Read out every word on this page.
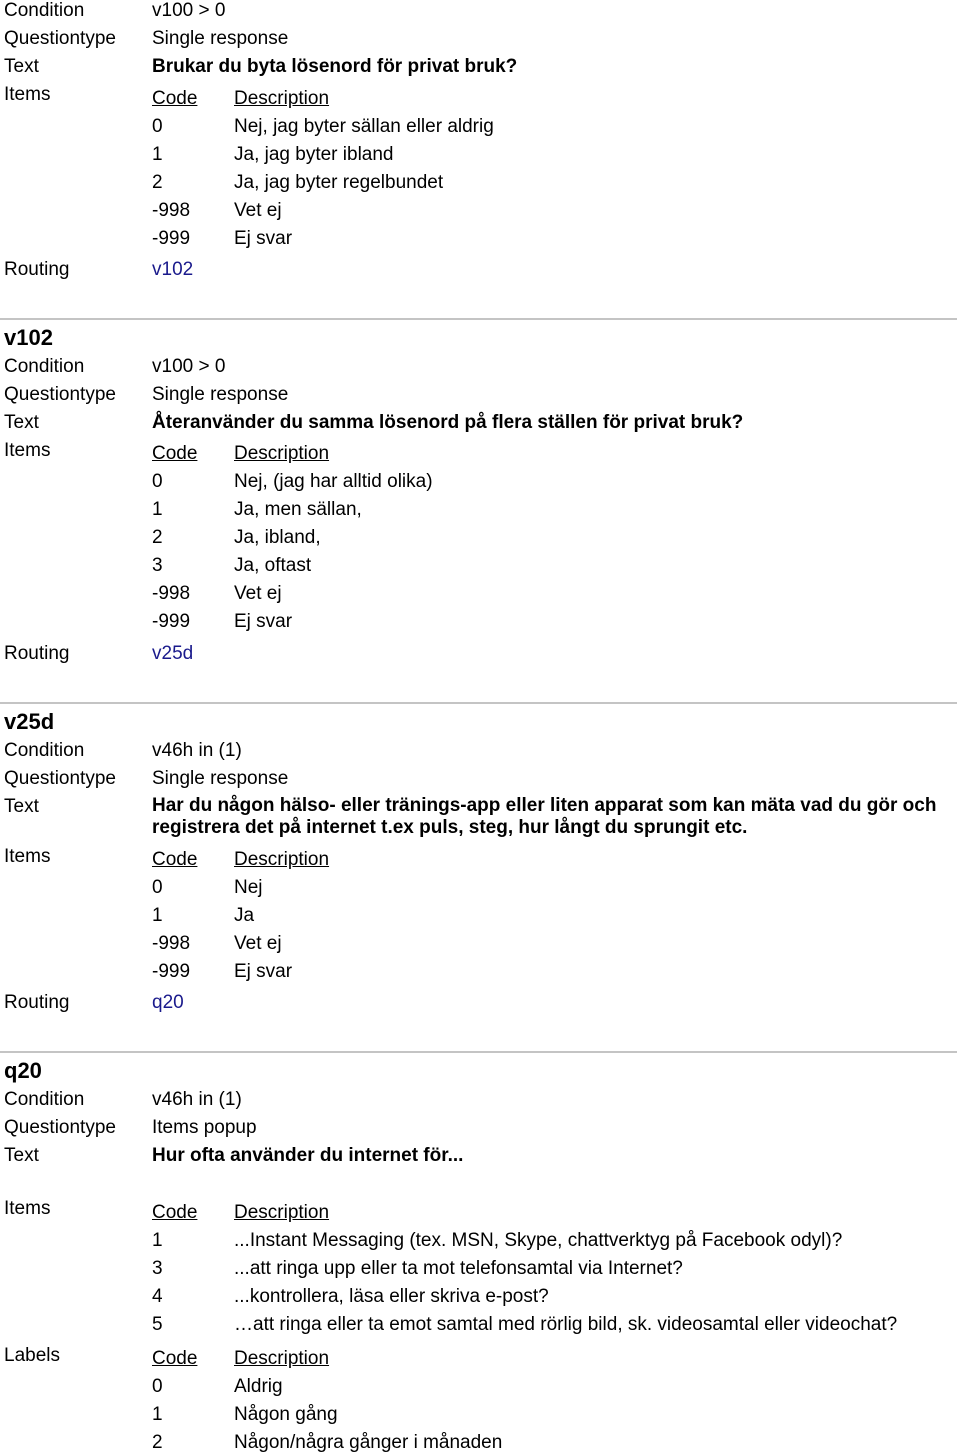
Condition	v100 > 0
Questiontype Single response
Text	Brukar du byta lösenord för privat bruk?
Items	Code Description
0	Nej, jag byter sällan eller aldrig
1	Ja, jag byter ibland
2	Ja, jag byter regelbundet
-998 Vet ej
-999 Ej svar
Routing	v102
v102
Condition	v100 > 0
Questiontype Single response
Text	Återanvänder du samma lösenord på flera ställen för privat bruk?
Items	Code Description
0	Nej, (jag har alltid olika)
1	Ja, men sällan,
2	Ja, ibland,
3	Ja, oftast
-998 Vet ej
-999 Ej svar
Routing	v25d
v25d
Condition	v46h in (1)
Questiontype Single response
Text	Har du någon hälso- eller tränings-app eller liten apparat som kan mäta vad du gör och registrera det på internet t.ex puls, steg, hur långt du sprungit etc.
Items	Code Description
0	Nej
1	Ja
-998 Vet ej
-999 Ej svar
Routing	q20
q20
Condition	v46h in (1)
Questiontype Items popup
Text	Hur ofta använder du internet för...
Items	Code Description
1	...Instant Messaging (tex. MSN, Skype, chattverktyg på Facebook odyl)?
3	...att ringa upp eller ta mot telefonsamtal via Internet?
4	...kontrollera, läsa eller skriva e-post?
5	…att ringa eller ta emot samtal med rörlig bild, sk. videosamtal eller videochat?
Labels	Code Description
0	Aldrig
1	Någon gång
2	Någon/några gånger i månaden
